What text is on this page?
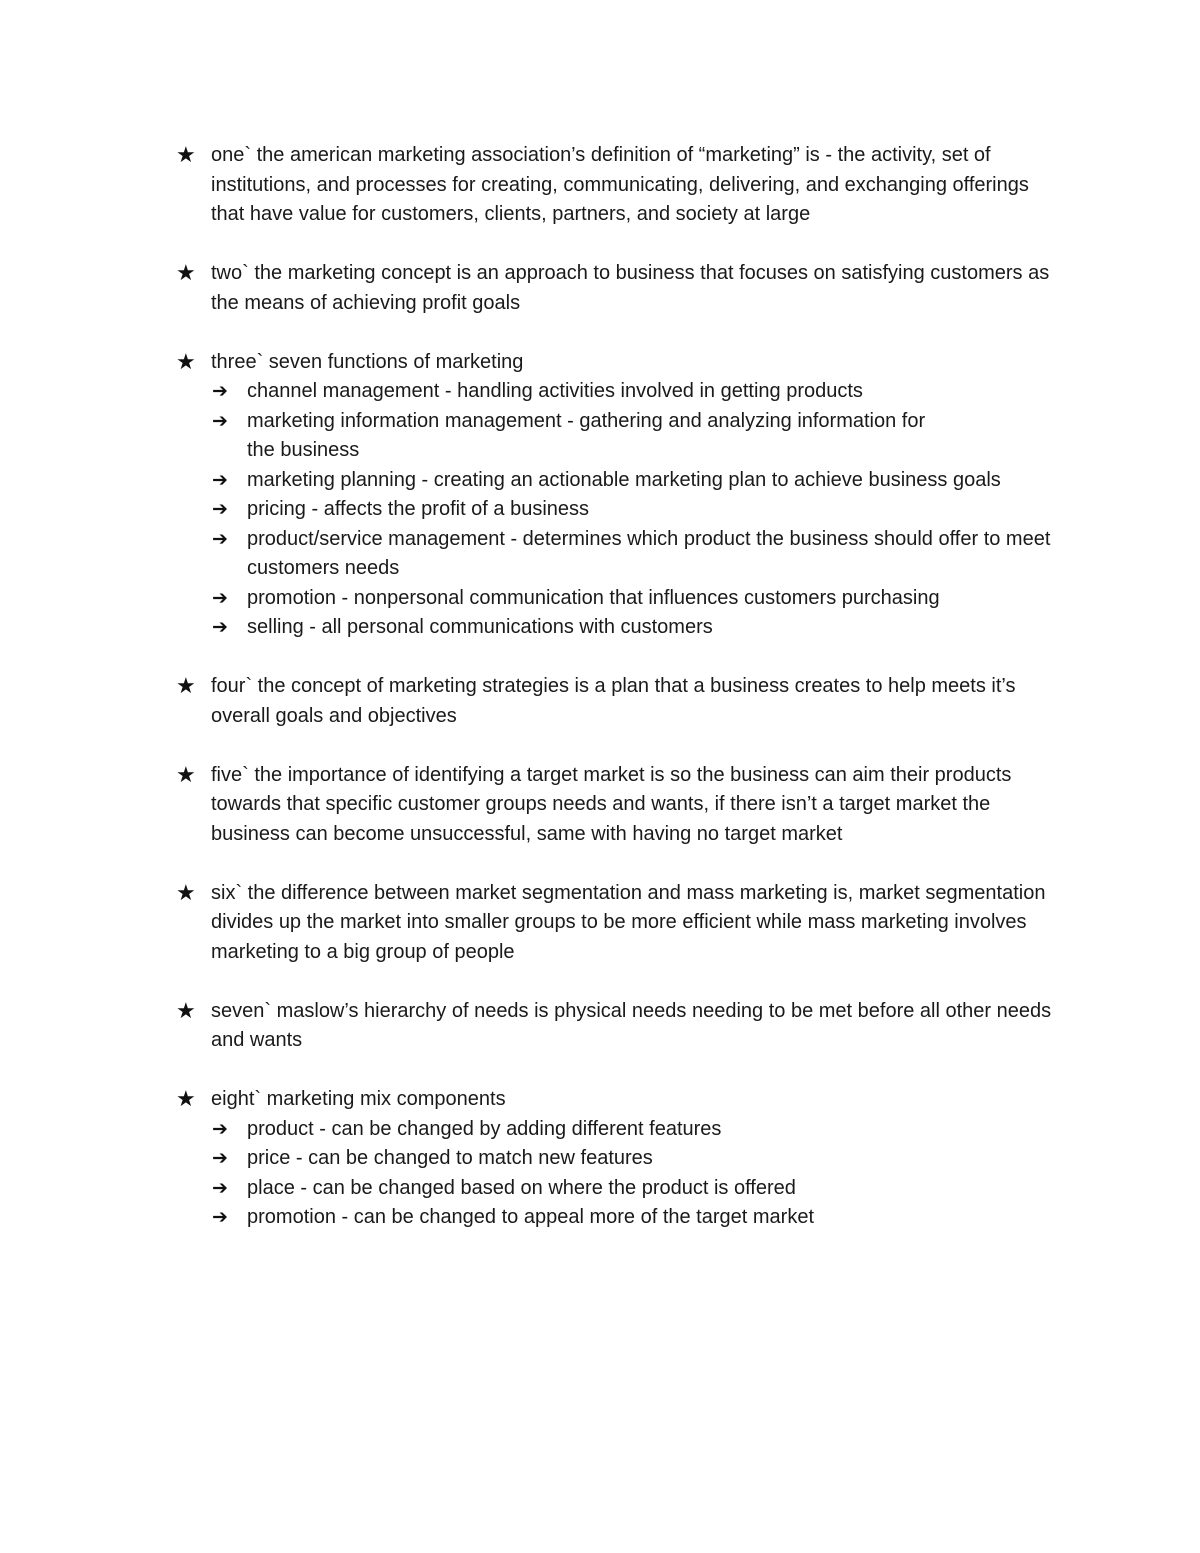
★ one` the american marketing association’s definition of “marketing” is - the activity, set of institutions, and processes for creating, communicating, delivering, and exchanging offerings that have value for customers, clients, partners, and society at large
★ two` the marketing concept is an approach to business that focuses on satisfying customers as the means of achieving profit goals
★ three` seven functions of marketing
➔ channel management - handling activities involved in getting products
➔ marketing information management - gathering and analyzing information for the business
➔ marketing planning - creating an actionable marketing plan to achieve business goals
➔ pricing - affects the profit of a business
➔ product/service management - determines which product the business should offer to meet customers needs
➔ promotion - nonpersonal communication that influences customers purchasing
➔ selling - all personal communications with customers
★ four` the concept of marketing strategies is a plan that a business creates to help meets it’s overall goals and objectives
★ five` the importance of identifying a target market is so the business can aim their products towards that specific customer groups needs and wants, if there isn’t a target market the business can become unsuccessful, same with having no target market
★ six` the difference between market segmentation and mass marketing is, market segmentation divides up the market into smaller groups to be more efficient while mass marketing involves marketing to a big group of people
★ seven` maslow’s hierarchy of needs is physical needs needing to be met before all other needs and wants
★ eight` marketing mix components
➔ product - can be changed by adding different features
➔ price - can be changed to match new features
➔ place - can be changed based on where the product is offered
➔ promotion - can be changed to appeal more of the target market
